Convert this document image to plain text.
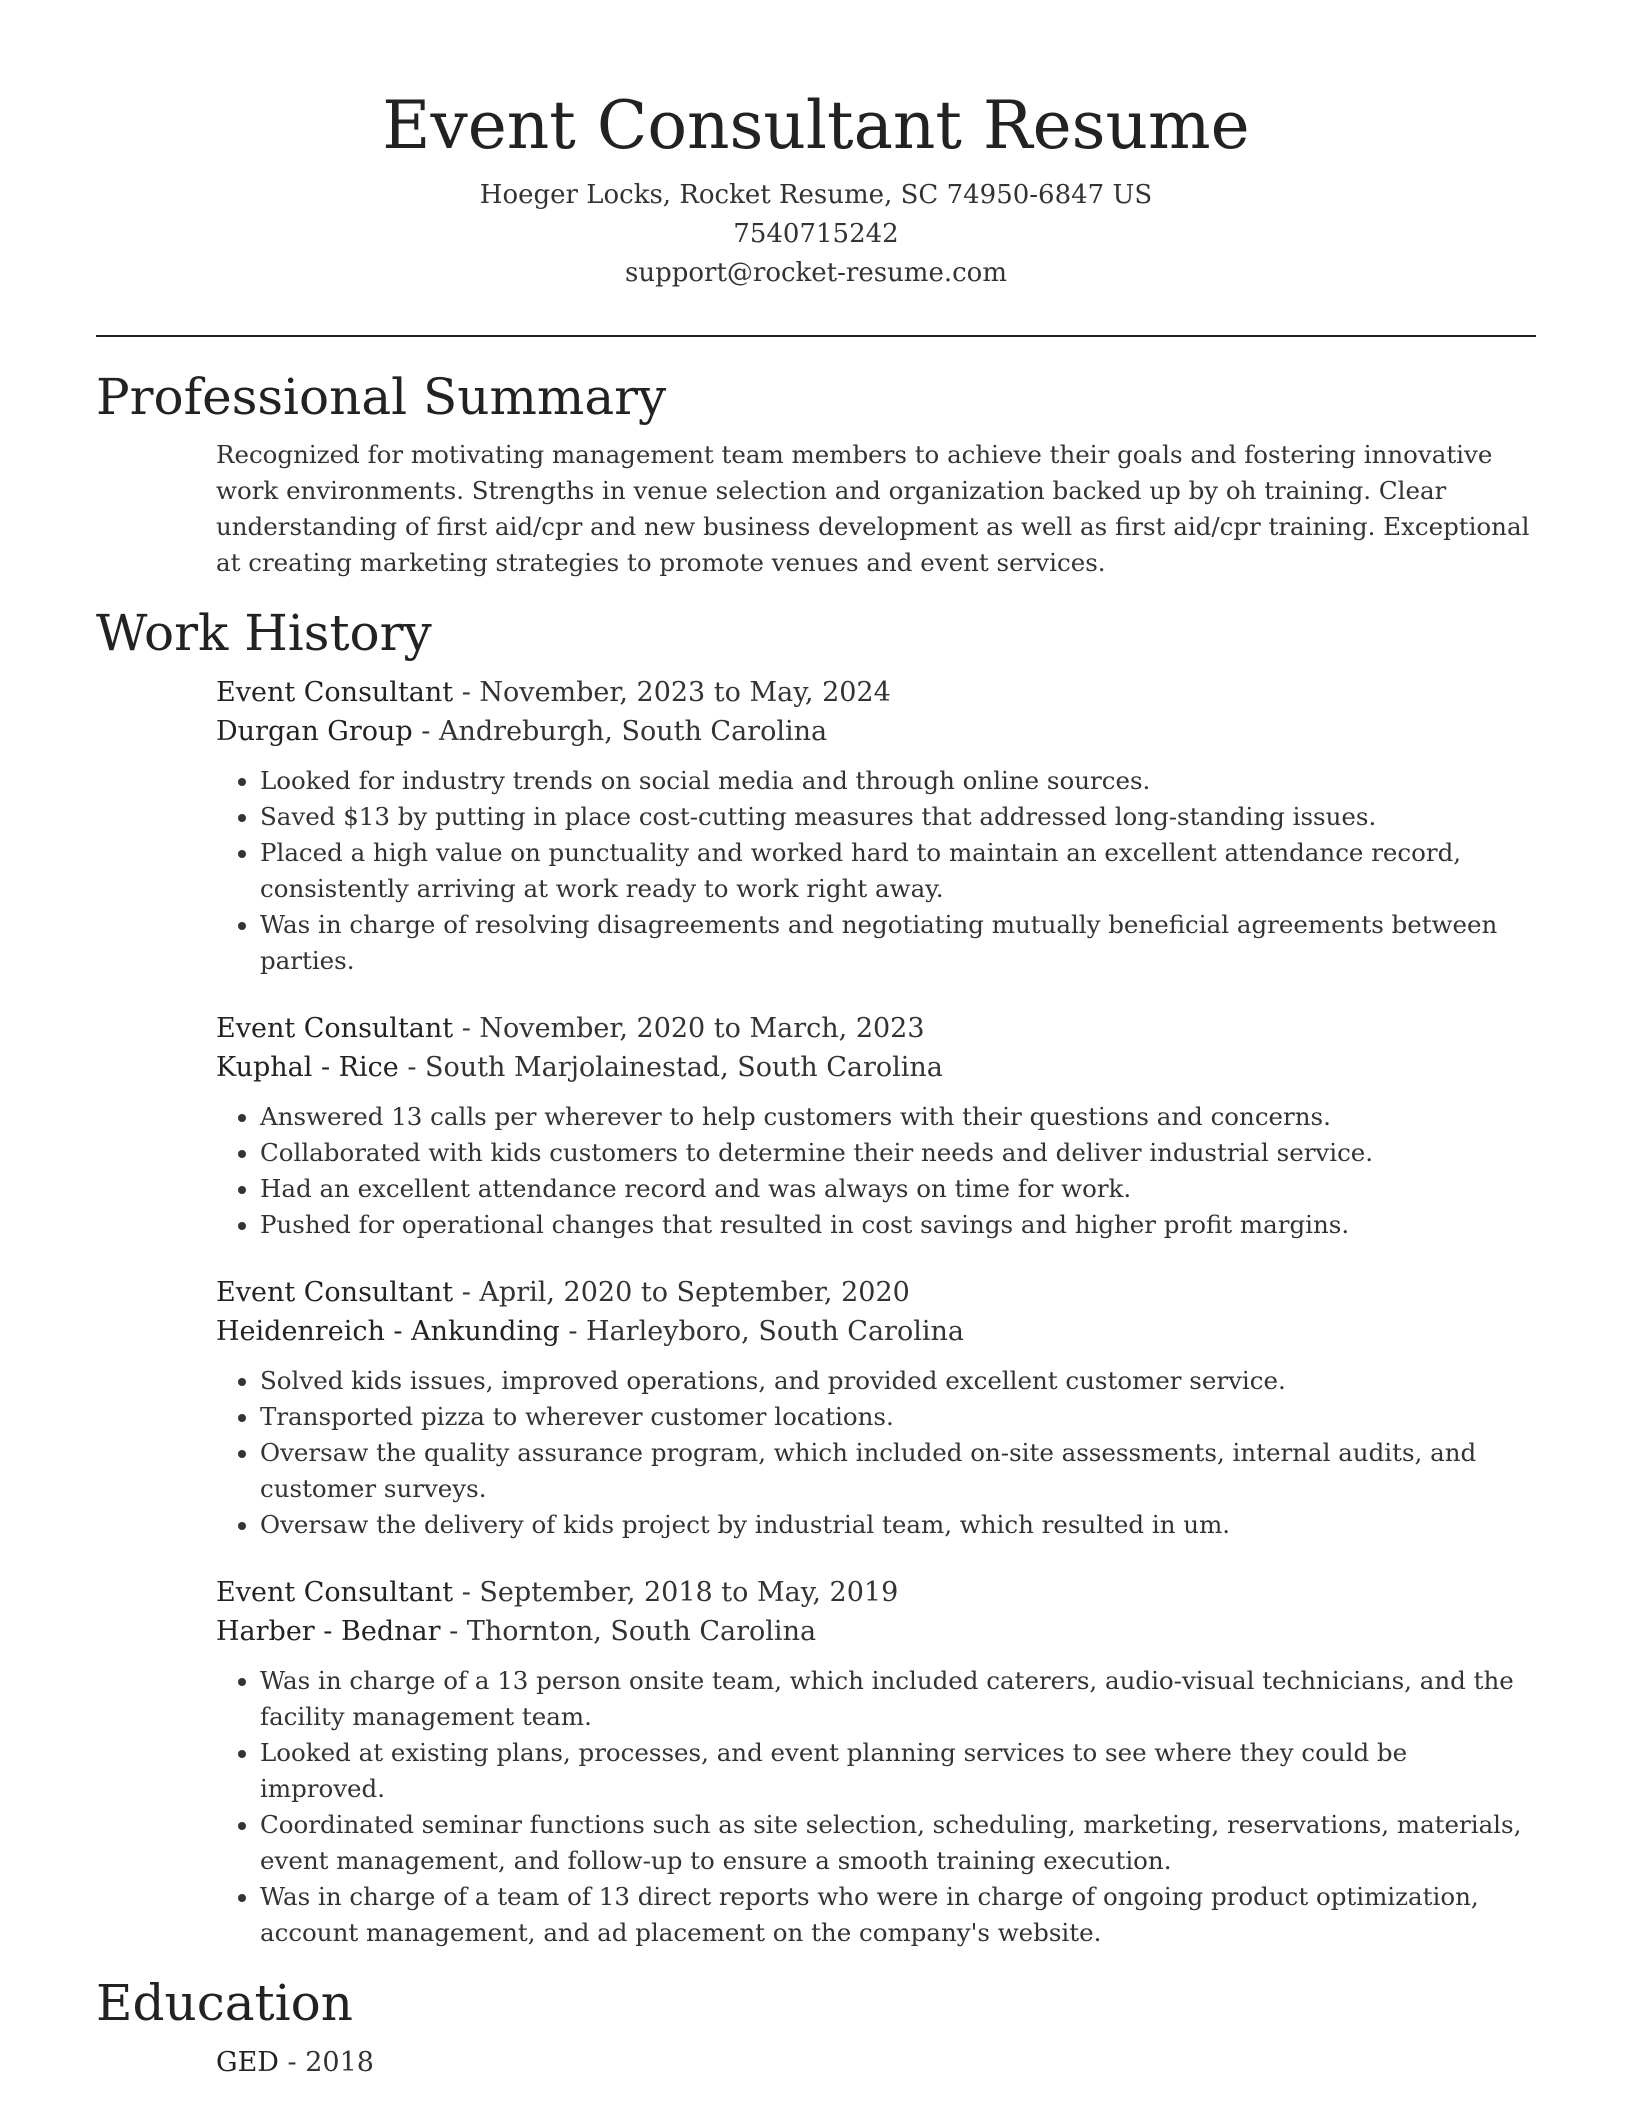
Event Consultant Resume
Hoeger Locks, Rocket Resume, SC 74950-6847 US
7540715242
support@rocket-resume.com
Professional Summary

Recognized for motivating management team members to achieve their goals and fostering innovative work environments. Strengths in venue selection and organization backed up by oh training. Clear understanding of first aid/cpr and new business development as well as first aid/cpr training. Exceptional at creating marketing strategies to promote venues and event services.

Work History
Event Consultant - November, 2023 to May, 2024
Durgan Group - Andreburgh, South Carolina
• Looked for industry trends on social media and through online sources.
• Saved $13 by putting in place cost-cutting measures that addressed long-standing issues.
• Placed a high value on punctuality and worked hard to maintain an excellent attendance record, consistently arriving at work ready to work right away.
• Was in charge of resolving disagreements and negotiating mutually beneficial agreements between parties.
Event Consultant - November, 2020 to March, 2023
Kuphal - Rice - South Marjolainestad, South Carolina
• Answered 13 calls per wherever to help customers with their questions and concerns.
• Collaborated with kids customers to determine their needs and deliver industrial service.
• Had an excellent attendance record and was always on time for work.
• Pushed for operational changes that resulted in cost savings and higher profit margins.
Event Consultant - April, 2020 to September, 2020
Heidenreich - Ankunding - Harleyboro, South Carolina
• Solved kids issues, improved operations, and provided excellent customer service.
• Transported pizza to wherever customer locations.
• Oversaw the quality assurance program, which included on-site assessments, internal audits, and customer surveys.
• Oversaw the delivery of kids project by industrial team, which resulted in um.
Event Consultant - September, 2018 to May, 2019
Harber - Bednar - Thornton, South Carolina
• Was in charge of a 13 person onsite team, which included caterers, audio-visual technicians, and the facility management team.
• Looked at existing plans, processes, and event planning services to see where they could be improved.
• Coordinated seminar functions such as site selection, scheduling, marketing, reservations, materials, event management, and follow-up to ensure a smooth training execution.
• Was in charge of a team of 13 direct reports who were in charge of ongoing product optimization, account management, and ad placement on the company's website.
Education
GED - 2018
